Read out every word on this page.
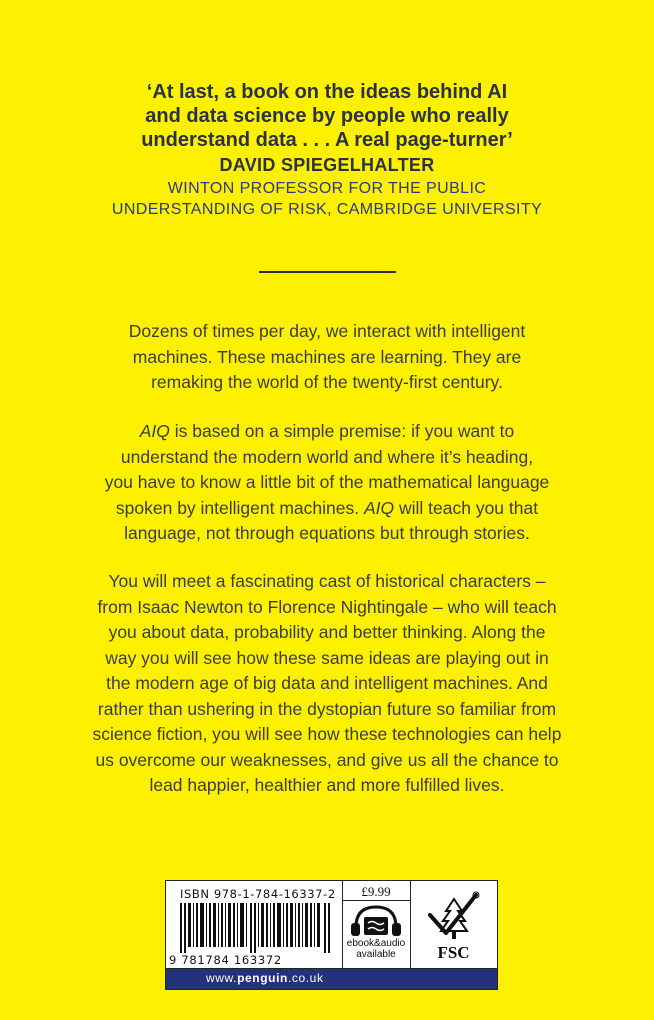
‘At last, a book on the ideas behind AI
and data science by people who really
understand data . . . A real page-turner’
DAVID SPIEGELHALTER
WINTON PROFESSOR FOR THE PUBLIC
UNDERSTANDING OF RISK, CAMBRIDGE UNIVERSITY
Dozens of times per day, we interact with intelligent
machines. These machines are learning. They are
remaking the world of the twenty-first century.
AIQ is based on a simple premise: if you want to
understand the modern world and where it’s heading,
you have to know a little bit of the mathematical language
spoken by intelligent machines. AIQ will teach you that
language, not through equations but through stories.
You will meet a fascinating cast of historical characters –
from Isaac Newton to Florence Nightingale – who will teach
you about data, probability and better thinking. Along the
way you will see how these same ideas are playing out in
the modern age of big data and intelligent machines. And
rather than ushering in the dystopian future so familiar from
science fiction, you will see how these technologies can help
us overcome our weaknesses, and give us all the chance to
lead happier, healthier and more fulfilled lives.
ISBN 978-1-784-16337-2
9 781784 163372
£9.99
ebook&audio
available	FSC
www.penguin.co.uk
